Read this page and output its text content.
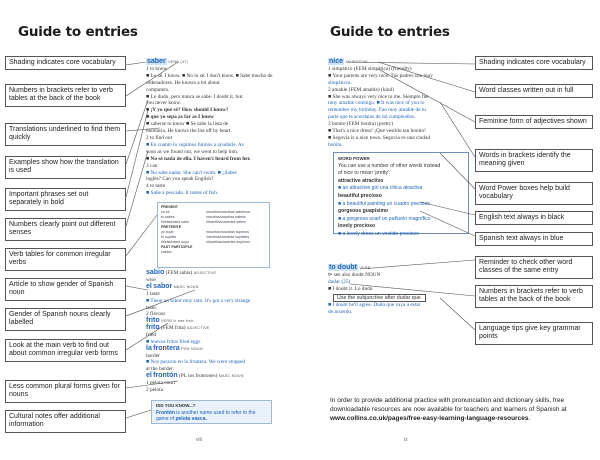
Guide to entries
Shading indicates core vocabulary
Numbers in brackets refer to verb tables at the back of the book
Translations underlined to find them quickly
Examples show how the translation is used
Important phrases set out separately in bold
Numbers clearly point out different senses
Verb tables for common irregular verbs
Article to show gender of Spanish noun
Gender of Spanish nouns clearly labelled
Look at the main verb to find out about common irregular verb forms
Less common plural forms given for nouns
Cultural notes offer additional information
saber VERB (47)
1 to know
■ Lo sé. I know. ■ No lo sé. I don't know. ■ Sabe mucho de ordenadores. He knows a lot about
computers.
■ Lo dudo, pero nunca se sabe. I doubt it, but
you never know.
■ ¡Y yo qué sé? How should I know?
■ que yo sepa as far as I know
■ saberse to know ■ Se sabe la lista de
memoria. He knows the list off by heart.
2 to find out
■ En cuanto lo supimos fuimos a ayudarle. As
soon as we found out, we went to help him.
■ No sé nada de ella. I haven't heard from her.
3 can
■ No sabe nadar. She can't swim. ■ ¿Sabes
inglés? Can you speak English?
4 to taste
■ Sabe a pescado. It tastes of fish.
PRESENT
yo sé	nosotros/nosotras sabemos
tú sabes	vosotros/vosotras sabéis
él/ella/usted sabe	ellos/ellas/ustedes saben
PRETERITE
yo supe	nosotros/nosotras supimos
tú supiste	vosotros/vosotras supisteis
él/ella/usted supo	ellos/ellas/ustedes supieron
PAST PARTICIPLE
sabido
sabio (FEM sabia) ADJECTIVE
wise
el sabor MASC NOUN
1 taste
■ Tiene un sabor muy raro. It's got a very strange
taste.
2 flavour
frito VERB ⊳ see freír
frito (FEM frita) ADJECTIVE
fried
■ huevos fritos fried eggs
la frontera FEM NOUN
border
■ Nos pararon en la frontera. We were stopped
at the border.
el frontón (PL los frontones) MASC NOUN
1 pelota court
2 pelota
DID YOU KNOW...?
Frontón is another name used to refer to the game of pelota vasca.
viii
Guide to entries
nice ADJECTIVE
1 simpático (FEM simpática) (friendly)
■ Your parents are very nice. Tus padres son muy
simpáticos.
2 amable (FEM amable) (kind)
■ She was always very nice to me. Siempre fue
muy amable conmigo. ■ It was nice of you to
remember my birthday. Fue muy amable de tu
parte que te acordaras de mi cumpleaños.
3 bonito (FEM bonita) (pretty)
■ That's a nice dress! ¡Qué vestido tan bonito!
■ Segovia is a nice town. Segovia es una ciudad
bonita.
WORD POWER
You can use a number of other words instead
of nice to mean 'pretty':
attractive atractivo
■ an attractive girl una chica atractiva
beautiful precioso
■ a beautiful painting un cuadro precioso
gorgeous guapísimo
■ a gorgeous scarf un pañuelo magnífico
lovely precioso
■ a lovely dress un vestido precioso
to doubt VERB
⊳ see also doubt NOUN
dudar (25)
■ I doubt it. Lo dudo.
Use the subjunctive after dudar que.
■ I doubt he'll agree. Dudo que vaya a estar
de acuerdo.
Shading indicates core vocabulary
Word classes written out in full
Feminine form of adjectives shown
Words in brackets identify the meaning given
Word Power boxes help build vocabulary
English text always in black
Spanish text always in blue
Reminder to check other word classes of the same entry
Numbers in brackets refer to verb tables at the back of the book
Language tips give key grammar points
In order to provide additional practice with pronunciation and dictionary skills, free downloadable resources are now available for teachers and learners of Spanish at www.collins.co.uk/pages/free-easy-learning-language-resources.
ix
